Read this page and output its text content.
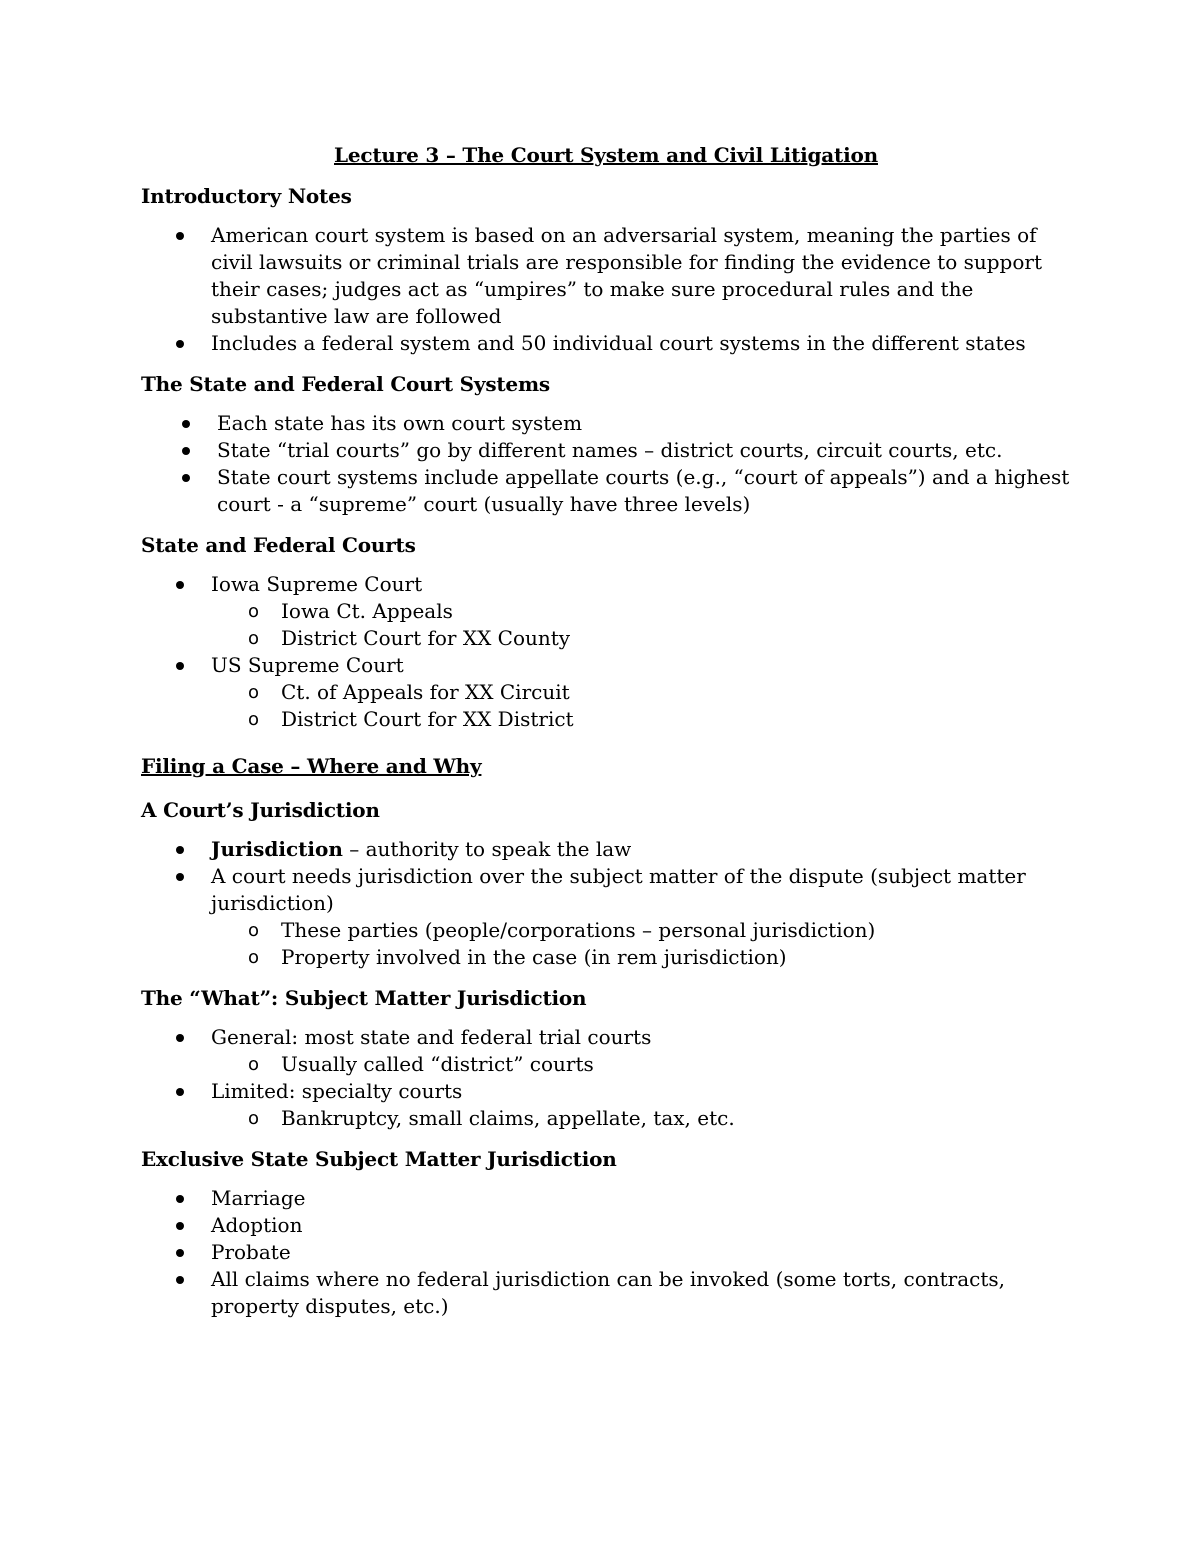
Lecture 3 – The Court System and Civil Litigation
Introductory Notes
American court system is based on an adversarial system, meaning the parties of civil lawsuits or criminal trials are responsible for finding the evidence to support their cases; judges act as “umpires” to make sure procedural rules and the substantive law are followed
Includes a federal system and 50 individual court systems in the different states
The State and Federal Court Systems
Each state has its own court system
State “trial courts” go by different names – district courts, circuit courts, etc.
State court systems include appellate courts (e.g., “court of appeals”) and a highest court - a “supreme” court (usually have three levels)
State and Federal Courts
Iowa Supreme Court
o Iowa Ct. Appeals
o District Court for XX County
US Supreme Court
o Ct. of Appeals for XX Circuit
o District Court for XX District
Filing a Case – Where and Why
A Court’s Jurisdiction
Jurisdiction – authority to speak the law
A court needs jurisdiction over the subject matter of the dispute (subject matter jurisdiction)
o These parties (people/corporations – personal jurisdiction)
o Property involved in the case (in rem jurisdiction)
The “What”: Subject Matter Jurisdiction
General: most state and federal trial courts
o Usually called “district” courts
Limited: specialty courts
o Bankruptcy, small claims, appellate, tax, etc.
Exclusive State Subject Matter Jurisdiction
Marriage
Adoption
Probate
All claims where no federal jurisdiction can be invoked (some torts, contracts, property disputes, etc.)
